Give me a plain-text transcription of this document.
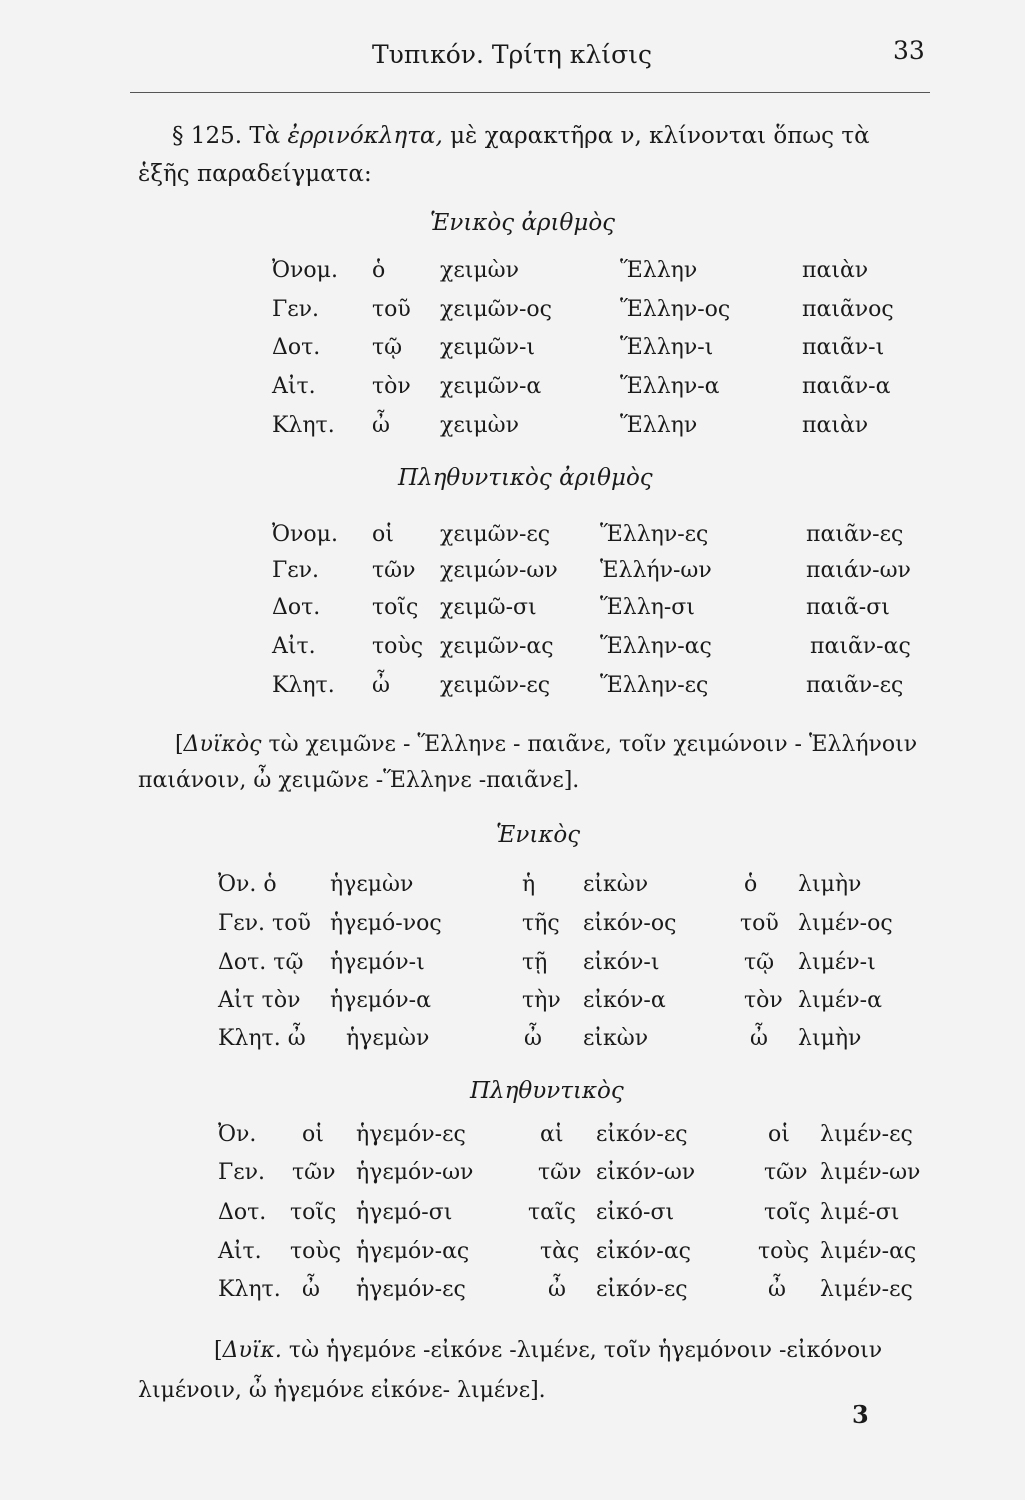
Τυπικόν. Τρίτη κλίσις	33
§ 125. Τὰ ἐρρινόκλητα, μὲ χαρακτῆρα ν, κλίνονται ὅπως τὰ
ἑξῆς παραδείγματα:
Ἑνικὸς ἀριθμὸς
Ὀνομ. ὁ χειμὼν	Ἕλλην	παιὰν
Γεν. τοῦ χειμῶν-ος	Ἕλλην-ος	παιᾶνος
Δοτ. τῷ χειμῶν-ι	Ἕλλην-ι	παιᾶν-ι
Αἰτ.	τὸν χειμῶν-α	Ἕλλην-α	παιᾶν-α
Κλητ. ὦ χειμὼν	Ἕλλην	παιὰν
Πληθυντικὸς ἀριθμὸς
Ὀνομ. οἱ χειμῶν-ες Ἕλλην-ες	παιᾶν-ες
Γεν. τῶν χειμών-ων Ἑλλήν-ων	παιάν-ων
Δοτ. τοῖς χειμῶ-σι	Ἕλλη-σι	παιᾶ-σι
Αἰτ.	τοὺς χειμῶν-ας Ἕλλην-ας	παιᾶν-ας
Κλητ. ὦ χειμῶν-ες Ἕλλην-ες	παιᾶν-ες
[Δυϊκὸς τὼ χειμῶνε - Ἕλληνε - παιᾶνε, τοῖν χειμώνοιν - Ἑλλήνοιν
παιάνοιν, ὦ χειμῶνε -Ἕλληνε -παιᾶνε].
Ἑνικὸς
Ὀν. ὁ ἡγεμὼν	ἡ εἰκὼν	ὁ λιμὴν
Γεν. τοῦ ἡγεμό-νος	τῆς εἰκόν-ος	τοῦ λιμέν-ος
Δοτ. τῷ ἡγεμόν-ι	τῇ εἰκόν-ι	τῷ λιμέν-ι
Αἰτ τὸν ἡγεμόν-α	τὴν εἰκόν-α	τὸν λιμέν-α
Κλητ. ὦ ἡγεμὼν	ὦ εἰκὼν	ὦ λιμὴν
Πληθυντικὸς
Ὀν. οἱ ἡγεμόν-ες	αἱ εἰκόν-ες	οἱ λιμέν-ες
Γεν. τῶν ἡγεμόν-ων	τῶν εἰκόν-ων	τῶν λιμέν-ων
Δοτ. τοῖς ἡγεμό-σι	ταῖς εἰκό-σι	τοῖς λιμέ-σι
Αἰτ. τοὺς ἡγεμόν-ας	τὰς εἰκόν-ας	τοὺς λιμέν-ας
Κλητ. ὦ ἡγεμόν-ες	ὦ εἰκόν-ες	ὦ λιμέν-ες
[Δυϊκ. τὼ ἡγεμόνε -εἰκόνε -λιμένε, τοῖν ἡγεμόνοιν -εἰκόνοιν
λιμένοιν, ὦ ἡγεμόνε εἰκόνε- λιμένε].
3
